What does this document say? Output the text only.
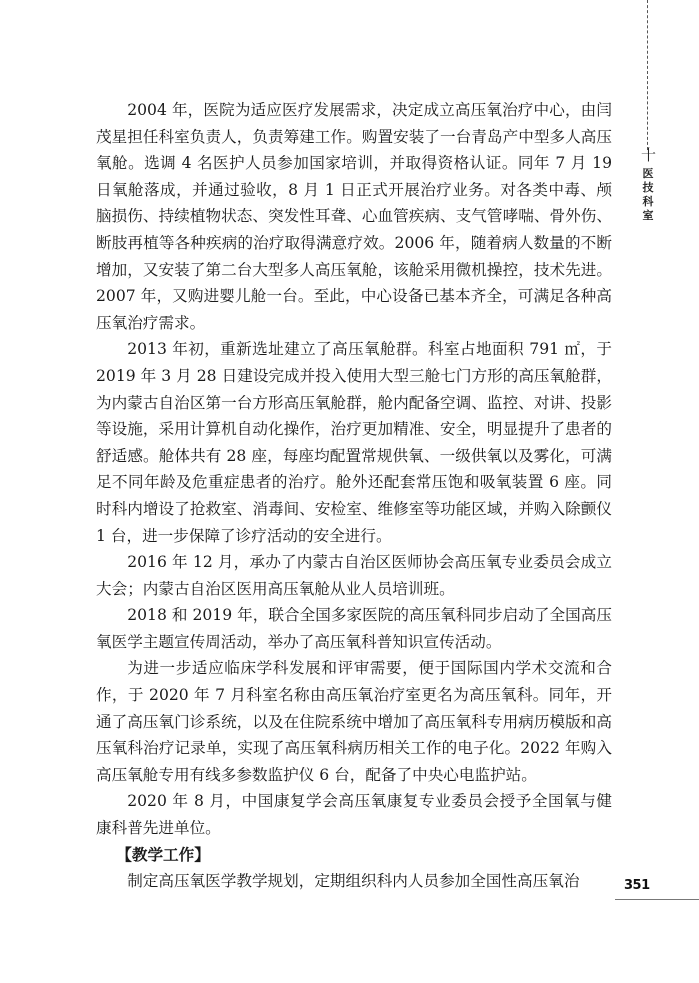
十
医技科室

2004 年，医院为适应医疗发展需求，决定成立高压氧治疗中心，由闫茂星担任科室负责人，负责筹建工作。购置安装了一台青岛产中型多人高压氧舱。选调 4 名医护人员参加国家培训，并取得资格认证。同年 7 月 19 日氧舱落成，并通过验收，8 月 1 日正式开展治疗业务。对各类中毒、颅脑损伤、持续植物状态、突发性耳聋、心血管疾病、支气管哮喘、骨外伤、断肢再植等各种疾病的治疗取得满意疗效。2006 年，随着病人数量的不断增加，又安装了第二台大型多人高压氧舱，该舱采用微机操控，技术先进。2007 年，又购进婴儿舱一台。至此，中心设备已基本齐全，可满足各种高压氧治疗需求。

2013 年初，重新选址建立了高压氧舱群。科室占地面积 791 ㎡，于 2019 年 3 月 28 日建设完成并投入使用大型三舱七门方形的高压氧舱群，为内蒙古自治区第一台方形高压氧舱群，舱内配备空调、监控、对讲、投影等设施，采用计算机自动化操作，治疗更加精准、安全，明显提升了患者的舒适感。舱体共有 28 座，每座均配置常规供氧、一级供氧以及雾化，可满足不同年龄及危重症患者的治疗。舱外还配套常压饱和吸氧装置 6 座。同时科内增设了抢救室、消毒间、安检室、维修室等功能区域，并购入除颤仪 1 台，进一步保障了诊疗活动的安全进行。

2016 年 12 月，承办了内蒙古自治区医师协会高压氧专业委员会成立大会；内蒙古自治区医用高压氧舱从业人员培训班。

2018 和 2019 年，联合全国多家医院的高压氧科同步启动了全国高压氧医学主题宣传周活动，举办了高压氧科普知识宣传活动。

为进一步适应临床学科发展和评审需要，便于国际国内学术交流和合作，于 2020 年 7 月科室名称由高压氧治疗室更名为高压氧科。同年，开通了高压氧门诊系统，以及在住院系统中增加了高压氧科专用病历模版和高压氧科治疗记录单，实现了高压氧科病历相关工作的电子化。2022 年购入高压氧舱专用有线多参数监护仪 6 台，配备了中央心电监护站。

2020 年 8 月，中国康复学会高压氧康复专业委员会授予全国氧与健康科普先进单位。

【教学工作】

制定高压氧医学教学规划，定期组织科内人员参加全国性高压氧治	351
